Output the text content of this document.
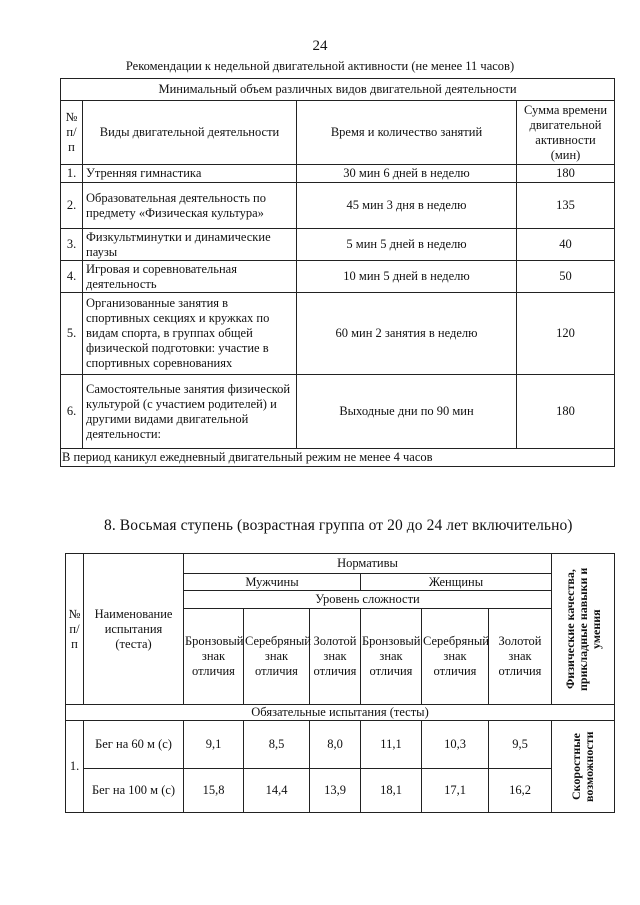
24
Рекомендации к недельной двигательной активности (не менее 11 часов)
Минимальный объем различных видов двигательной деятельности			
№ п/п	Виды двигательной деятельности	Время и количество занятий	Сумма времени двигательной активности (мин)
1.	Утренняя гимнастика	30 мин 6 дней в неделю	180
2.	Образовательная деятельность по предмету «Физическая культура»	45 мин 3 дня в неделю	135
3.	Физкультминутки и динамические паузы	5 мин 5 дней в неделю	40
4.	Игровая и соревновательная деятельность	10 мин 5 дней в неделю	50
5.	Организованные занятия в спортивных секциях и кружках по видам спорта, в группах общей физической подготовки: участие в спортивных соревнованиях	60 мин 2 занятия в неделю	120
6.	Самостоятельные занятия физической культурой (с участием родителей) и другими видами двигательной деятельности:	Выходные дни по 90 мин	180
В период каникул ежедневный двигательный режим не менее 4 часов			
8. Восьмая ступень (возрастная группа от 20 до 24 лет включительно)
№ п/п	Наименование испытания (теста)	Нормативы						Физические качества, прикладные навыки и умения

		Мужчины			Женщины			
		Уровень сложности						
		Бронзовый знак отличия	Серебряный знак отличия	Золотой знак отличия	Бронзовый знак отличия	Серебряный знак отличия	Золотой знак отличия	
Обязательные испытания (тесты)								
1.	Бег на 60 м (с)	9,1	8,5	8,0	11,1	10,3	9,5	Скоростные возможности

	Бег на 100 м (с)	15,8	14,4	13,9	18,1	17,1	16,2	
